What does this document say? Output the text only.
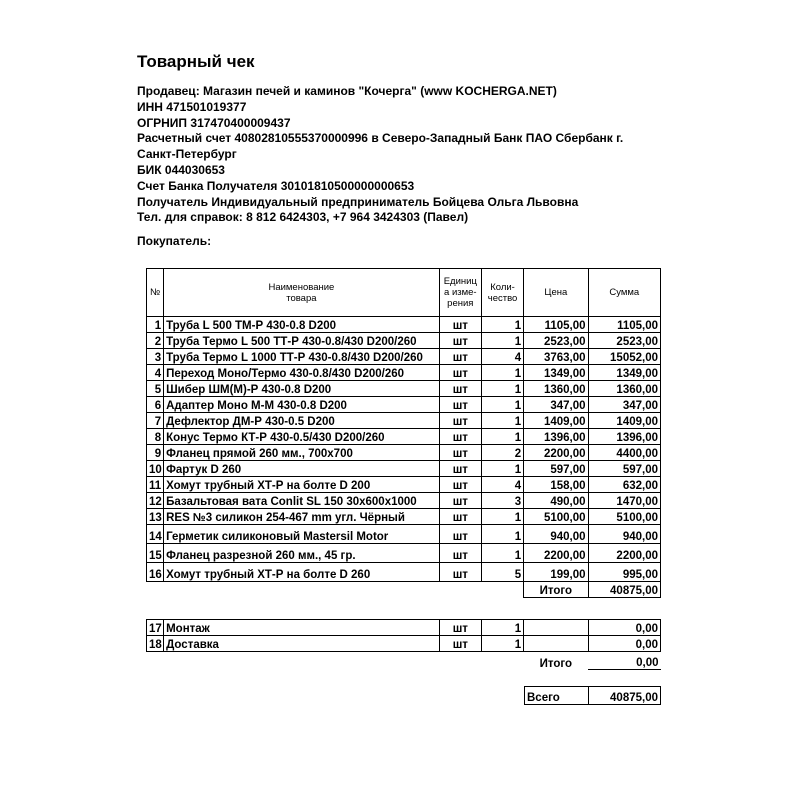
Товарный чек
Продавец: Магазин печей и каминов "Кочерга" (www KOCHERGA.NET)
ИНН 471501019377
ОГРНИП 317470400009437
Расчетный счет 40802810555370000996 в Северо-Западный Банк ПАО Сбербанк г.
Санкт-Петербург
БИК 044030653
Счет Банка Получателя 30101810500000000653
Получатель Индивидуальный предприниматель Бойцева Ольга Львовна
Тел. для справок: 8 812 6424303, +7 964 3424303 (Павел)
Покупатель:
№	Наименование товара	Единица изме-рения	Коли-чество	Цена	Сумма
1	Труба L 500 ТМ-Р 430-0.8 D200	шт	1	1105,00	1105,00
2	Труба Термо L 500 ТТ-Р 430-0.8/430 D200/260	шт	1	2523,00	2523,00
3	Труба Термо L 1000 ТТ-Р 430-0.8/430 D200/260	шт	4	3763,00	15052,00
4	Переход Моно/Термо 430-0.8/430 D200/260	шт	1	1349,00	1349,00
5	Шибер ШМ(М)-Р 430-0.8 D200	шт	1	1360,00	1360,00
6	Адаптер Моно М-М 430-0.8 D200	шт	1	347,00	347,00
7	Дефлектор ДМ-Р 430-0.5 D200	шт	1	1409,00	1409,00
8	Конус Термо КТ-Р 430-0.5/430 D200/260	шт	1	1396,00	1396,00
9	Фланец прямой 260 мм., 700х700	шт	2	2200,00	4400,00
10	Фартук D 260	шт	1	597,00	597,00
11	Хомут трубный ХТ-Р на болте D 200	шт	4	158,00	632,00
12	Базальтовая вата Conlit SL 150 30х600х1000	шт	3	490,00	1470,00
13	RES №3 силикон 254-467 mm угл. Чёрный	шт	1	5100,00	5100,00
14	Герметик силиконовый Mastersil Motor	шт	1	940,00	940,00
15	Фланец разрезной 260 мм., 45 гр.	шт	1	2200,00	2200,00
16	Хомут трубный ХТ-Р на болте D 260	шт	5	199,00	995,00
				Итого	40875,00
17	Монтаж	шт	1		0,00
18	Доставка	шт	1		0,00
				Итого	0,00
Всего	40875,00
